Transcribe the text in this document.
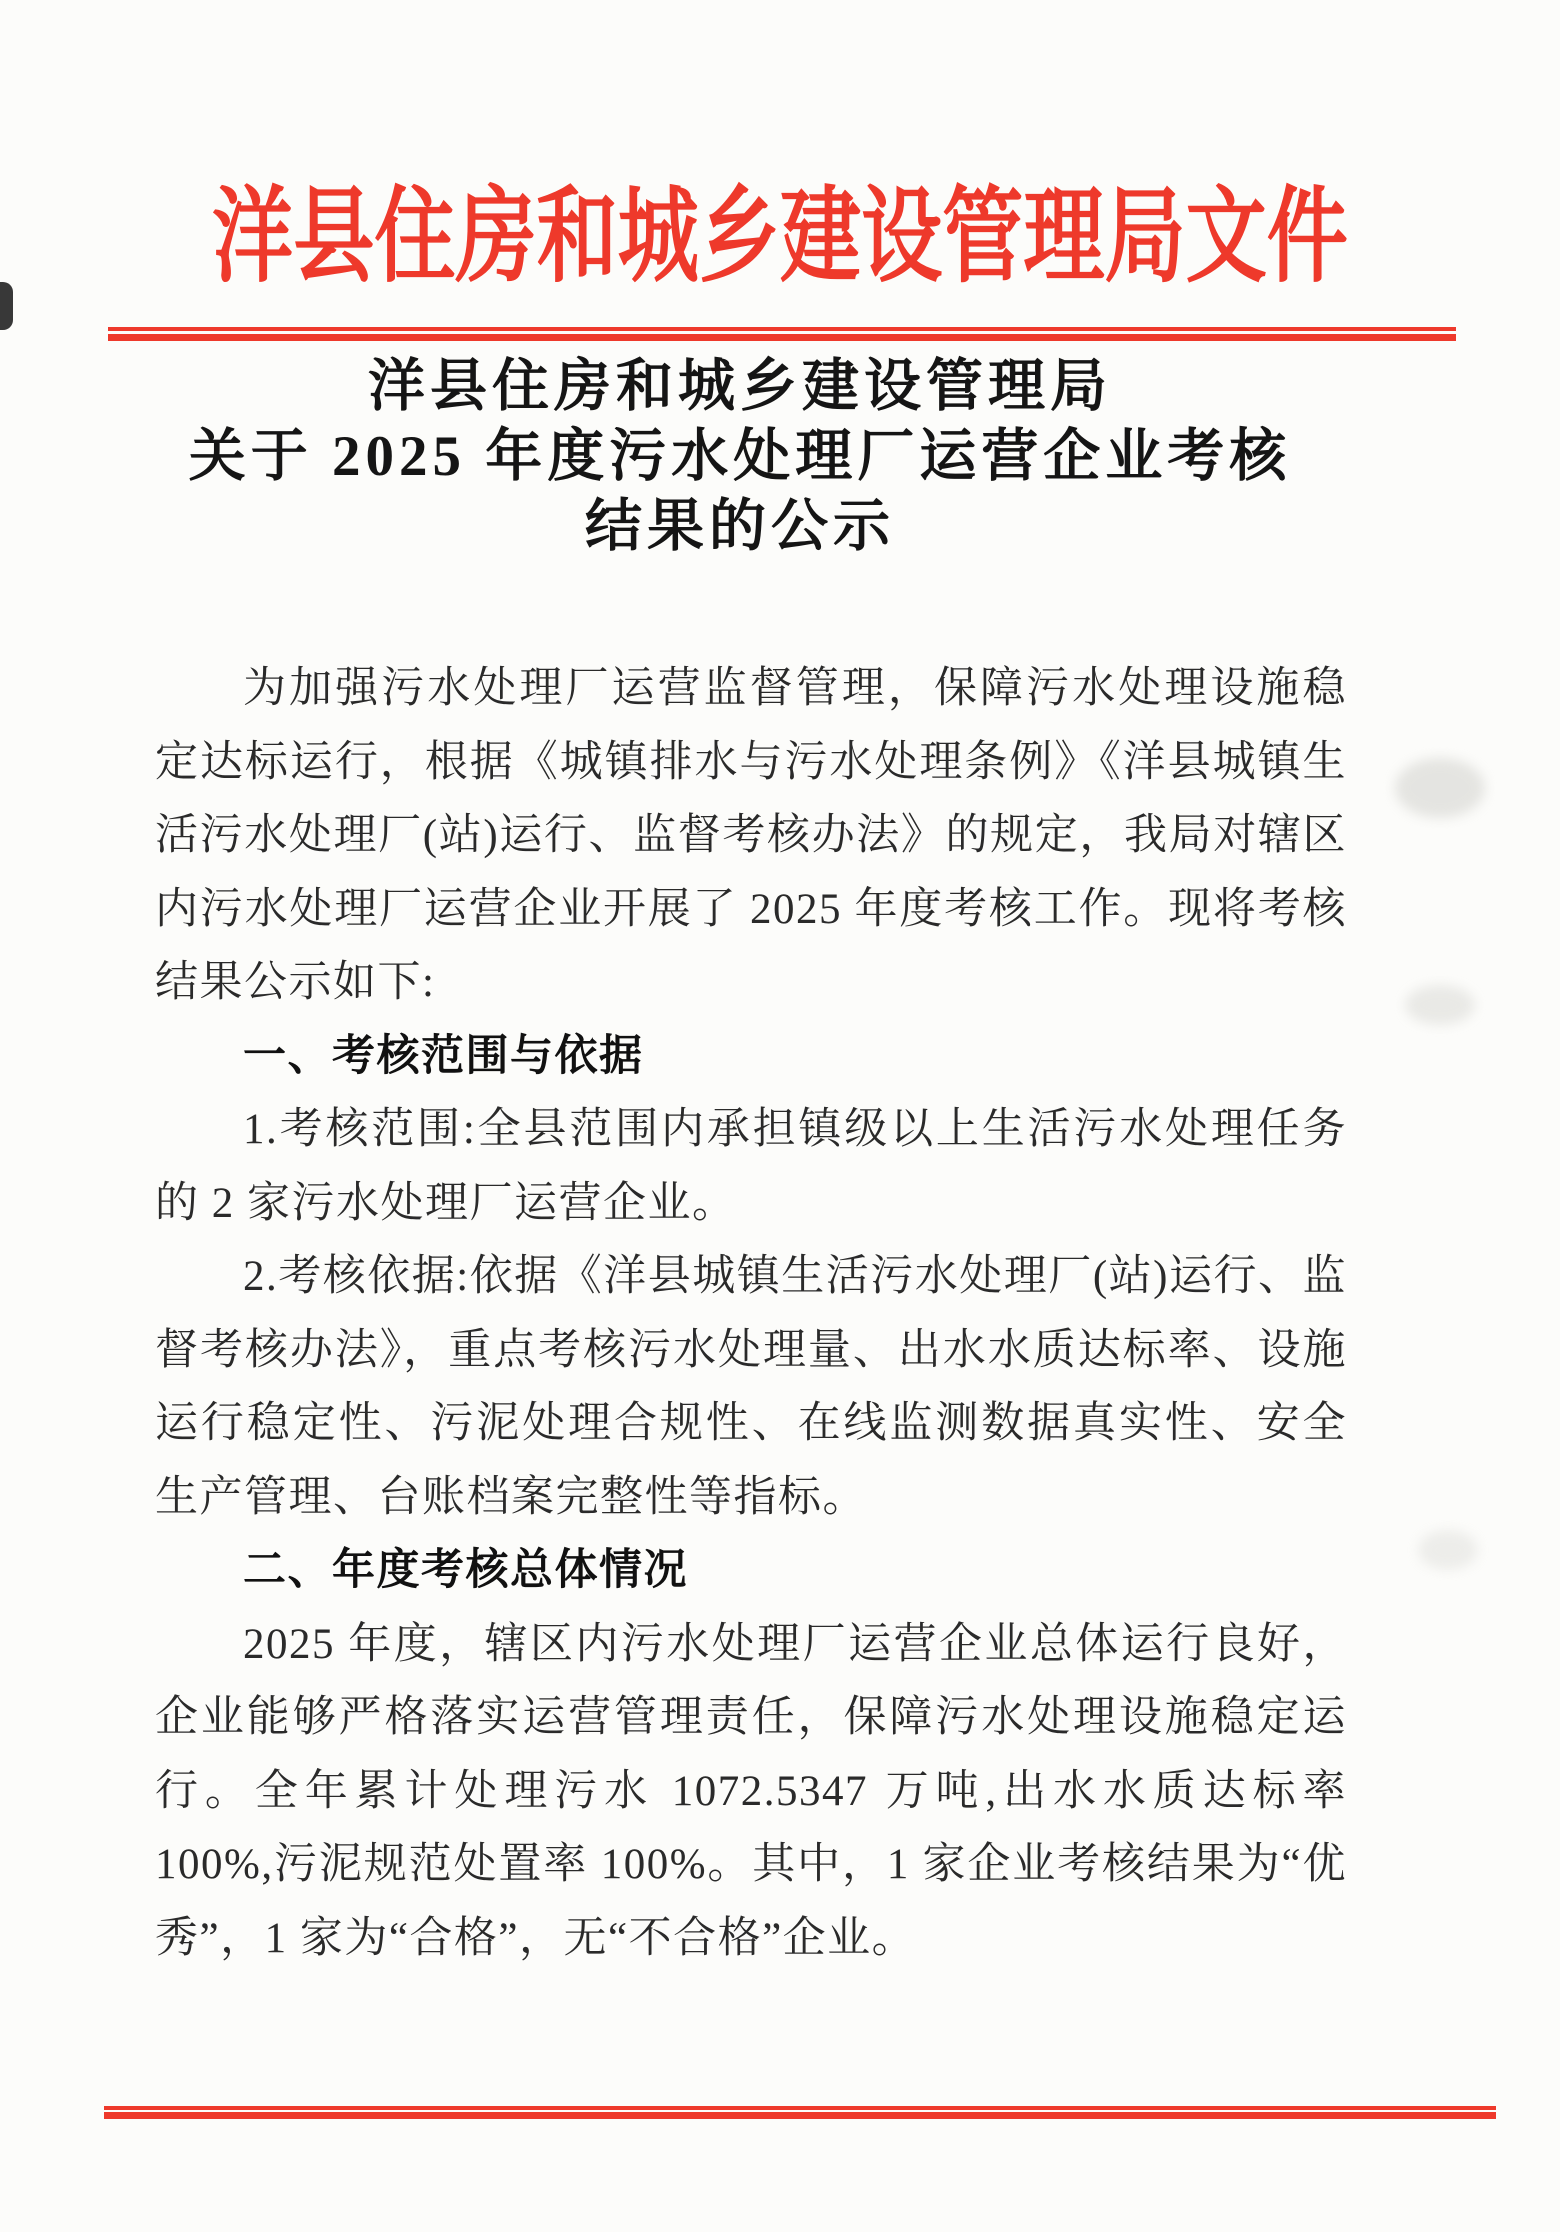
洋县住房和城乡建设管理局文件
洋县住房和城乡建设管理局
关于 2025 年度污水处理厂运营企业考核
结果的公示

为加强污水处理厂运营监督管理，保障污水处理设施稳定达标运行，根据《城镇排水与污水处理条例》《洋县城镇生活污水处理厂(站)运行、监督考核办法》的规定，我局对辖区内污水处理厂运营企业开展了 2025 年度考核工作。现将考核结果公示如下:

一、考核范围与依据

1.考核范围:全县范围内承担镇级以上生活污水处理任务的 2 家污水处理厂运营企业。

2.考核依据:依据《洋县城镇生活污水处理厂(站)运行、监督考核办法》，重点考核污水处理量、出水水质达标率、设施运行稳定性、污泥处理合规性、在线监测数据真实性、安全生产管理、台账档案完整性等指标。

二、年度考核总体情况

2025 年度，辖区内污水处理厂运营企业总体运行良好，企业能够严格落实运营管理责任，保障污水处理设施稳定运行。全年累计处理污水 1072.5347 万吨,出水水质达标率 100%,污泥规范处置率 100%。其中，1 家企业考核结果为“优秀”，1 家为“合格”，无“不合格”企业。
